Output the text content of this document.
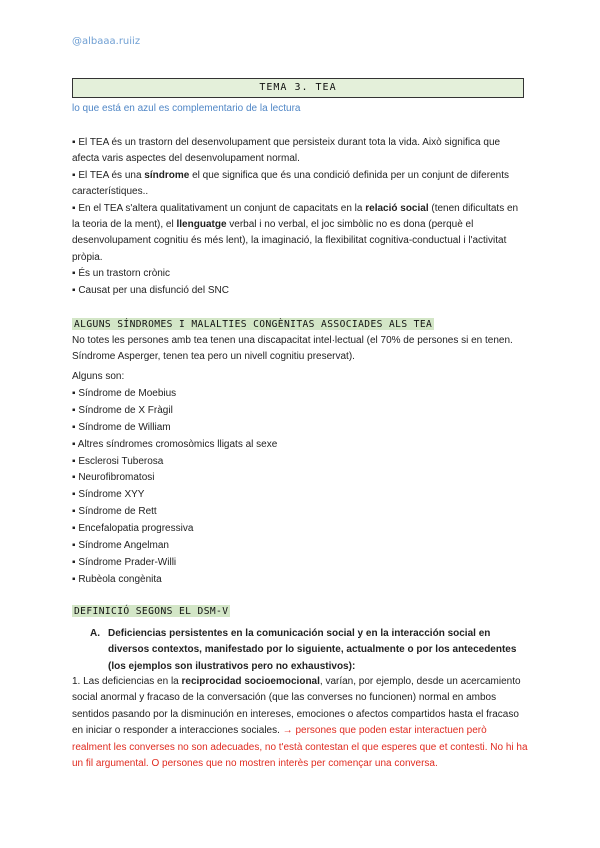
@albaaa.ruiiz
TEMA 3. TEA
lo que está en azul es complementario de la lectura

▪ El TEA és un trastorn del desenvolupament que persisteix durant tota la vida. Això significa que afecta varis aspectes del desenvolupament normal.

▪ El TEA és una síndrome el que significa que és una condició definida per un conjunt de diferents característiques..

▪ En el TEA s'altera qualitativament un conjunt de capacitats en la relació social (tenen dificultats en la teoria de la ment), el llenguatge verbal i no verbal, el joc simbòlic no es dona (perquè el desenvolupament cognitiu és més lent), la imaginació, la flexibilitat cognitiva-conductual i l'activitat pròpia.

▪ És un trastorn crònic

▪ Causat per una disfunció del SNC

ALGUNS SÍNDROMES I MALALTIES CONGÈNITAS ASSOCIADES ALS TEA

No totes les persones amb tea tenen una discapacitat intel·lectual (el 70% de persones si en tenen. Síndrome Asperger, tenen tea pero un nivell cognitiu preservat).

Alguns son:
▪ Síndrome de Moebius
▪ Síndrome de X Fràgil
▪ Síndrome de William
▪ Altres síndromes cromosòmics lligats al sexe
▪ Esclerosi Tuberosa
▪ Neurofibromatosi
▪ Síndrome XYY
▪ Síndrome de Rett
▪ Encefalopatia progressiva
▪ Síndrome Angelman
▪ Síndrome Prader-Willi
▪ Rubèola congènita
DEFINICIÓ SEGONS EL DSM-V
A. Deficiencias persistentes en la comunicación social y en la interacción social en diversos contextos, manifestado por lo siguiente, actualmente o por los antecedentes (los ejemplos son ilustrativos pero no exhaustivos):

1. Las deficiencias en la reciprocidad socioemocional, varían, por ejemplo, desde un acercamiento social anormal y fracaso de la conversación (que las converses no funcionen) normal en ambos sentidos pasando por la disminución en intereses, emociones o afectos compartidos hasta el fracaso en iniciar o responder a interacciones sociales. → persones que poden estar interactuen però realment les converses no son adecuades, no t'està contestan el que esperes que et contesti. No hi ha un fil argumental. O persones que no mostren interès per començar una conversa.
